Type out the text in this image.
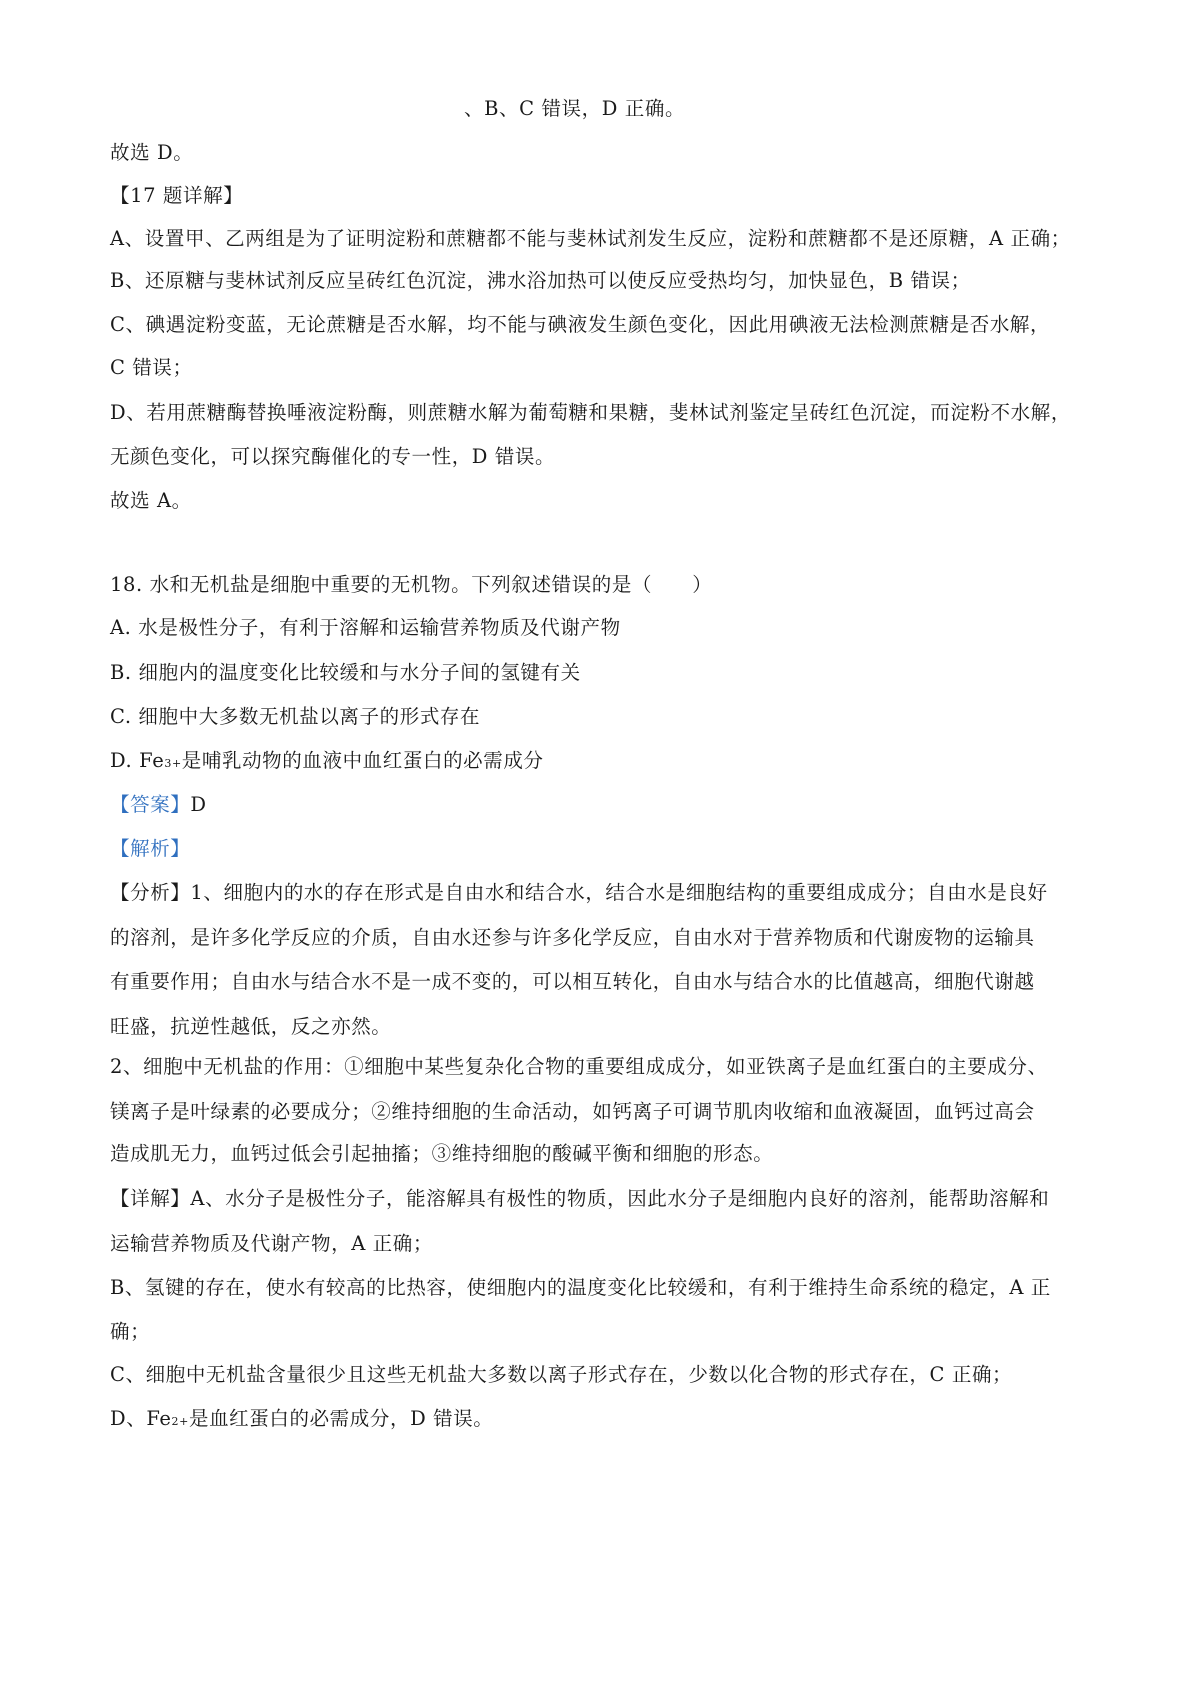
、B、C 错误，D 正确。
故选 D。
【17 题详解】
A、设置甲、乙两组是为了证明淀粉和蔗糖都不能与斐林试剂发生反应，淀粉和蔗糖都不是还原糖，A 正确；
B、还原糖与斐林试剂反应呈砖红色沉淀，沸水浴加热可以使反应受热均匀，加快显色，B 错误；
C、碘遇淀粉变蓝，无论蔗糖是否水解，均不能与碘液发生颜色变化，因此用碘液无法检测蔗糖是否水解，
C 错误；
D、若用蔗糖酶替换唾液淀粉酶，则蔗糖水解为葡萄糖和果糖，斐林试剂鉴定呈砖红色沉淀，而淀粉不水解，
无颜色变化，可以探究酶催化的专一性，D 错误。
故选 A。
18. 水和无机盐是细胞中重要的无机物。下列叙述错误的是（　　）
A. 水是极性分子，有利于溶解和运输营养物质及代谢产物
B. 细胞内的温度变化比较缓和与水分子间的氢键有关
C. 细胞中大多数无机盐以离子的形式存在
D. Fe3+是哺乳动物的血液中血红蛋白的必需成分
【答案】D
【解析】
【分析】1、细胞内的水的存在形式是自由水和结合水，结合水是细胞结构的重要组成成分；自由水是良好
的溶剂，是许多化学反应的介质，自由水还参与许多化学反应，自由水对于营养物质和代谢废物的运输具
有重要作用；自由水与结合水不是一成不变的，可以相互转化，自由水与结合水的比值越高，细胞代谢越
旺盛，抗逆性越低，反之亦然。
2、细胞中无机盐的作用：①细胞中某些复杂化合物的重要组成成分，如亚铁离子是血红蛋白的主要成分、
镁离子是叶绿素的必要成分；②维持细胞的生命活动，如钙离子可调节肌肉收缩和血液凝固，血钙过高会
造成肌无力，血钙过低会引起抽搐；③维持细胞的酸碱平衡和细胞的形态。
【详解】A、水分子是极性分子，能溶解具有极性的物质，因此水分子是细胞内良好的溶剂，能帮助溶解和
运输营养物质及代谢产物，A 正确；
B、氢键的存在，使水有较高的比热容，使细胞内的温度变化比较缓和，有利于维持生命系统的稳定，A 正
确；
C、细胞中无机盐含量很少且这些无机盐大多数以离子形式存在，少数以化合物的形式存在，C 正确；
D、Fe2+是血红蛋白的必需成分，D 错误。
